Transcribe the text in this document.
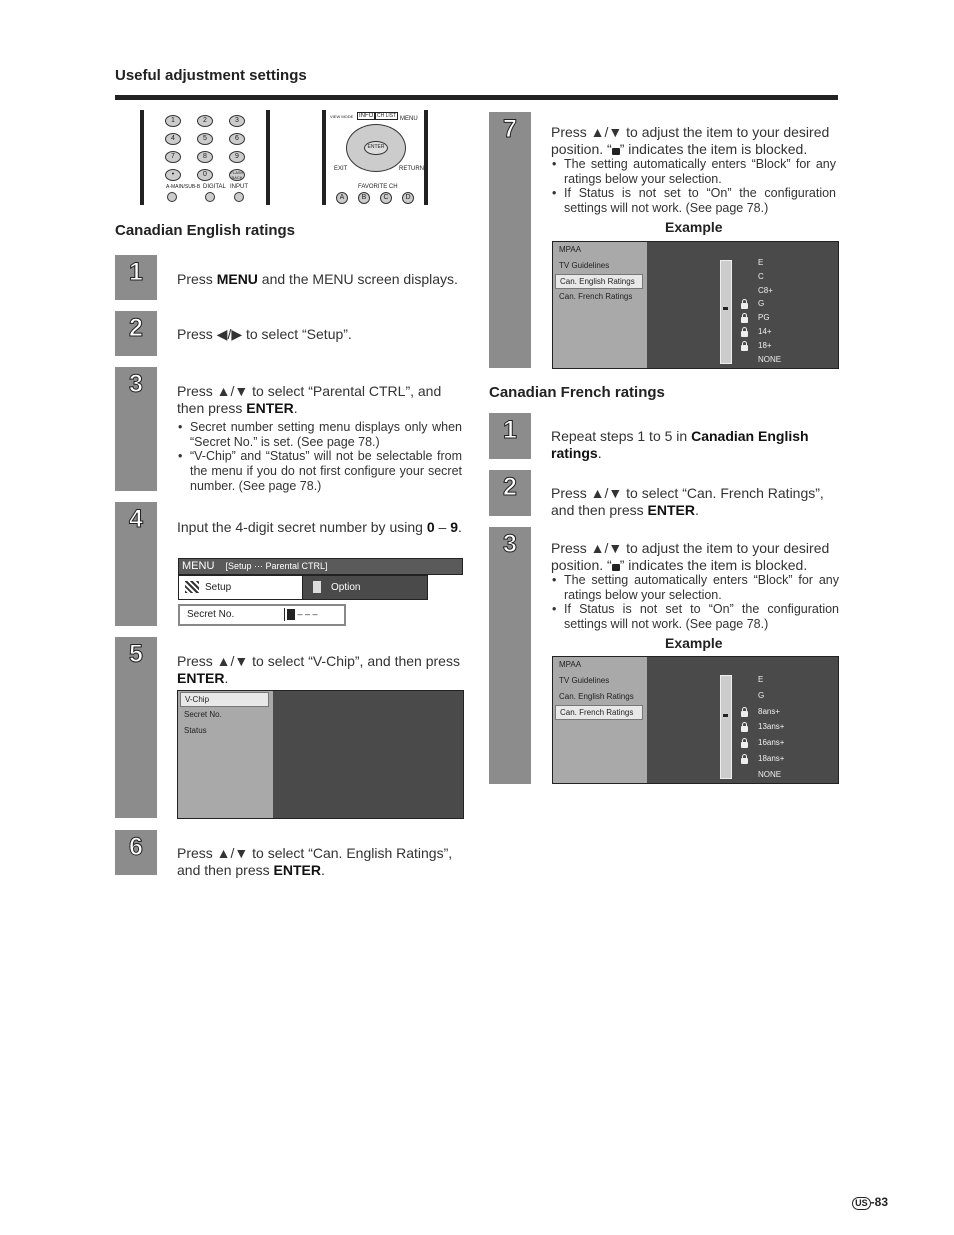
Useful adjustment settings
1	2	3
4	5	6
7	8	9
•	0	FLASH BACK
A-MAIN/SUB-B DIGITAL INPUT
VIEW MODE INFO CH LIST MENU
ENTER
EXIT	RETURN
FAVORITE CH
A	B	C	D
Canadian English ratings
1	Press MENU and the MENU screen displays.
2	Press ◀/▶ to select “Setup”.
3	Press ▲/▼ to select “Parental CTRL”, and then press ENTER.
• Secret number setting menu displays only when “Secret No.” is set. (See page 78.)
• “V-Chip” and “Status” will not be selectable from the menu if you do not first configure your secret number. (See page 78.)
4	Input the 4-digit secret number by using 0 – 9.
MENU [Setup ··· Parental CTRL]
Setup	Option
Secret No.	– – –
5	Press ▲/▼ to select “V-Chip”, and then press ENTER.
V-Chip
Secret No.
Status
6	Press ▲/▼ to select “Can. English Ratings”, and then press ENTER.
7	Press ▲/▼ to adjust the item to your desired position. “ ” indicates the item is blocked.
• The setting automatically enters “Block” for any ratings below your selection.
• If Status is not set to “On” the configuration settings will not work. (See page 78.)
Example
MPAA
TV Guidelines
Can. English Ratings
Can. French Ratings
E
C
C8+
G
PG
14+
18+
NONE
Canadian French ratings
1	Repeat steps 1 to 5 in Canadian English ratings.
2	Press ▲/▼ to select “Can. French Ratings”, and then press ENTER.
3	Press ▲/▼ to adjust the item to your desired position. “ ” indicates the item is blocked.
• The setting automatically enters “Block” for any ratings below your selection.
• If Status is not set to “On” the configuration settings will not work. (See page 78.)
Example
MPAA
TV Guidelines
Can. English Ratings
Can. French Ratings
E
G
8ans+
13ans+
16ans+
18ans+
NONE
US -83
